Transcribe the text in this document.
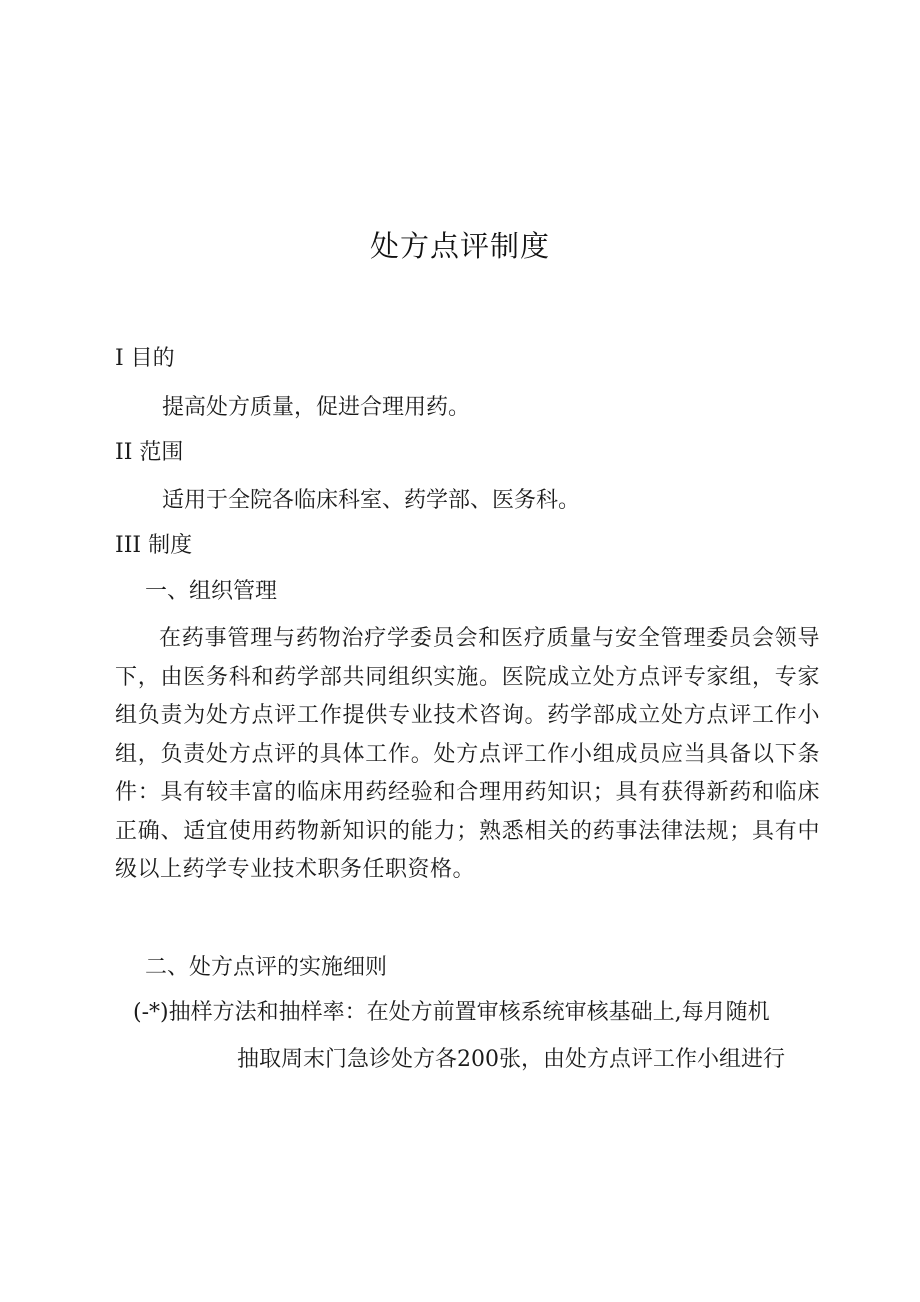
处方点评制度
I 目的
提高处方质量，促进合理用药。
II 范围
适用于全院各临床科室、药学部、医务科。
III 制度
一、组织管理
在药事管理与药物治疗学委员会和医疗质量与安全管理委员会领导下，由医务科和药学部共同组织实施。医院成立处方点评专家组，专家组负责为处方点评工作提供专业技术咨询。药学部成立处方点评工作小组，负责处方点评的具体工作。处方点评工作小组成员应当具备以下条件：具有较丰富的临床用药经验和合理用药知识；具有获得新药和临床正确、适宜使用药物新知识的能力；熟悉相关的药事法律法规；具有中级以上药学专业技术职务任职资格。
二、处方点评的实施细则
(-*)抽样方法和抽样率：在处方前置审核系统审核基础上,每月随机
抽取周末门急诊处方各200张，由处方点评工作小组进行
